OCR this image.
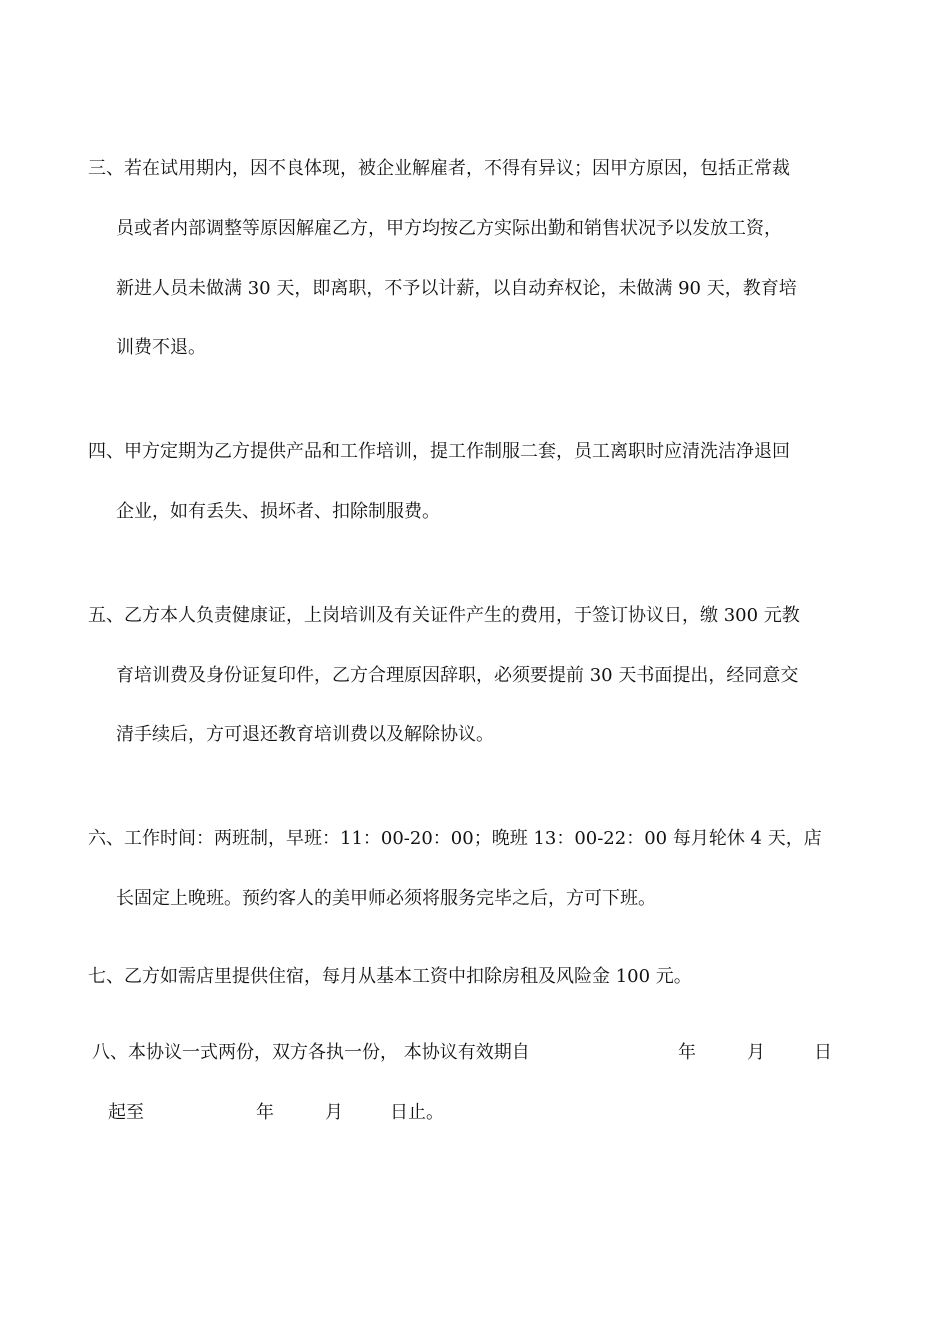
三、若在试用期内，因不良体现，被企业解雇者，不得有异议；因甲方原因，包括正常裁
员或者内部调整等原因解雇乙方，甲方均按乙方实际出勤和销售状况予以发放工资，
新进人员未做满 30 天，即离职，不予以计薪，以自动弃权论，未做满 90 天，教育培
训费不退。
四、甲方定期为乙方提供产品和工作培训，提工作制服二套，员工离职时应清洗洁净退回
企业，如有丢失、损坏者、扣除制服费。
五、乙方本人负责健康证，上岗培训及有关证件产生的费用，于签订协议日，缴 300 元教
育培训费及身份证复印件，乙方合理原因辞职，必须要提前 30 天书面提出，经同意交
清手续后，方可退还教育培训费以及解除协议。
六、工作时间：两班制，早班：11：00-20：00；晚班 13：00-22：00 每月轮休 4 天，店
长固定上晚班。预约客人的美甲师必须将服务完毕之后，方可下班。
七、乙方如需店里提供住宿，每月从基本工资中扣除房租及风险金 100 元。
八、本协议一式两份，双方各执一份， 本协议有效期自	年	月	日
起至	年	月	日止。
